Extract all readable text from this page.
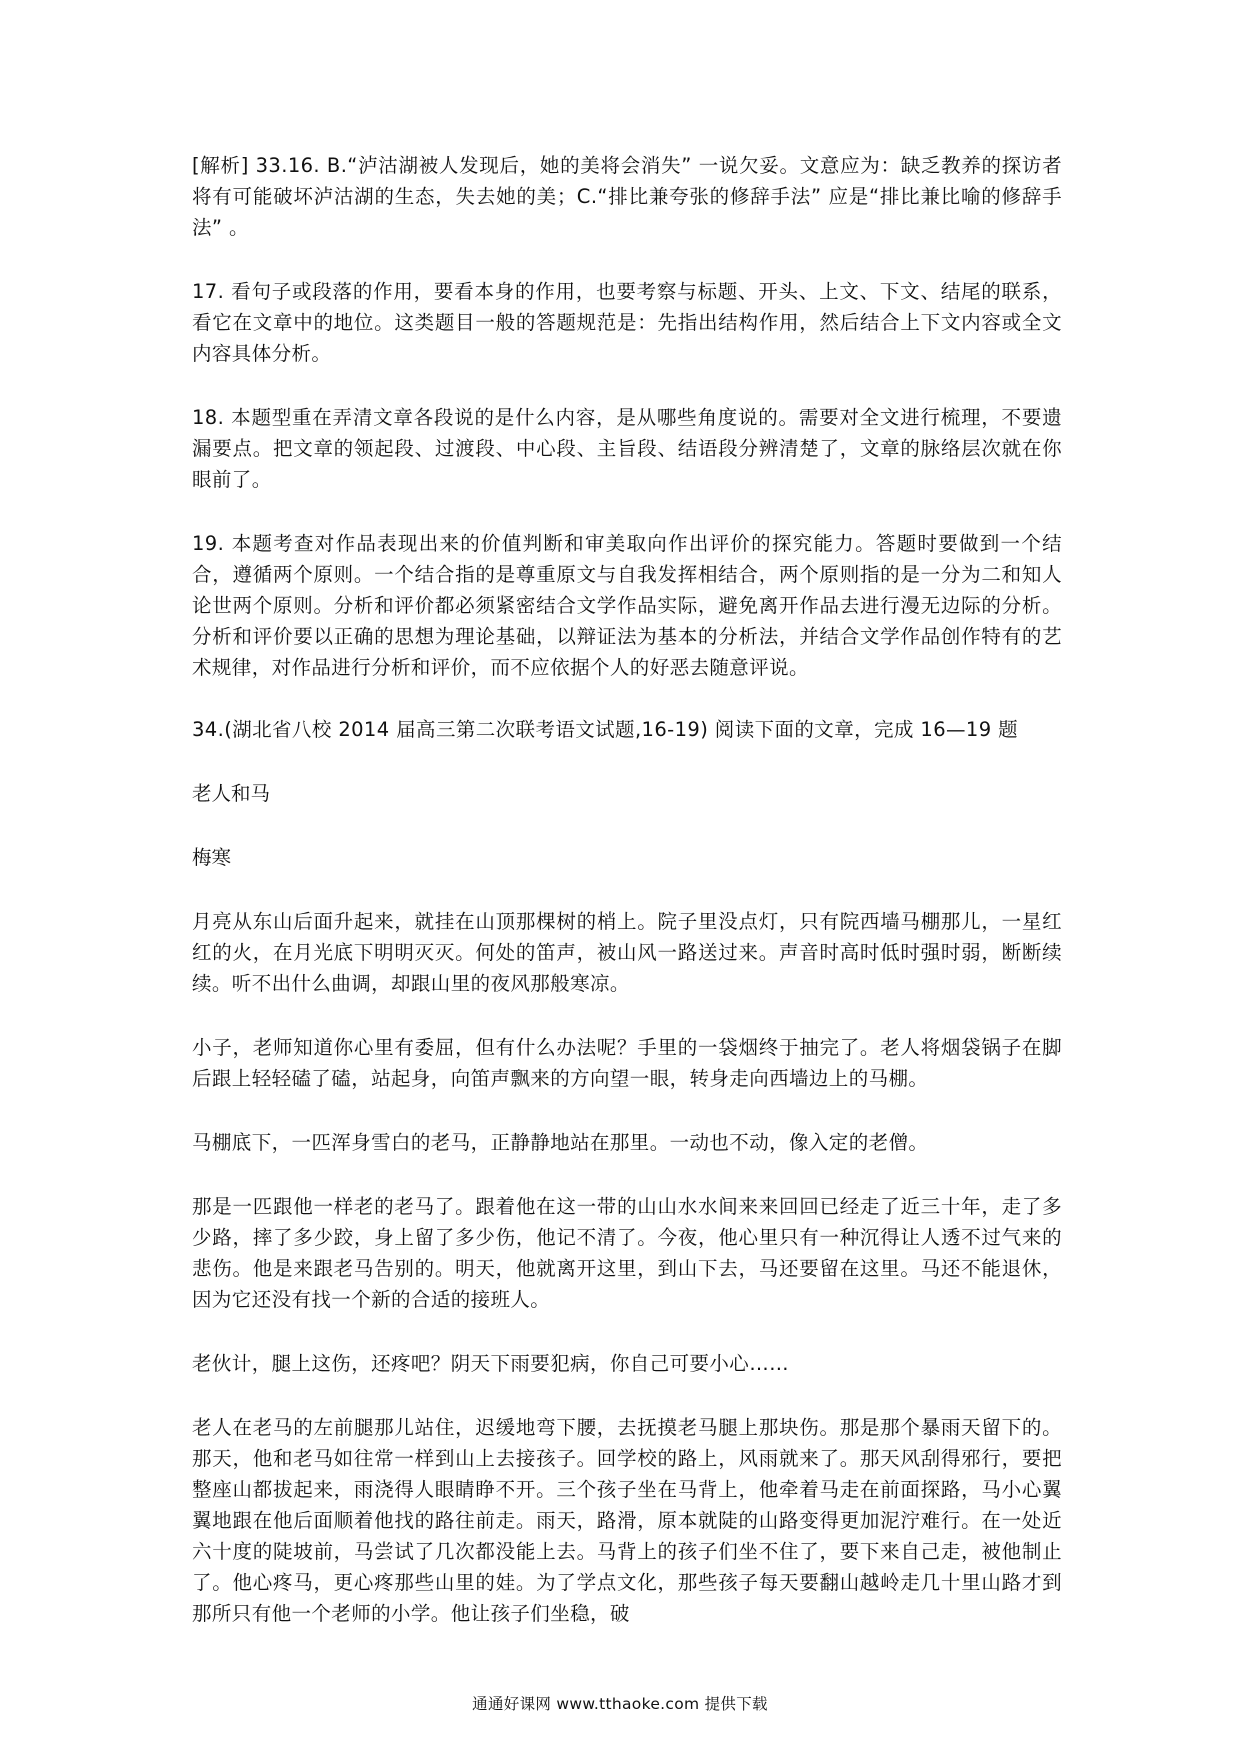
[解析] 33.16. B.“泸沽湖被人发现后，她的美将会消失” 一说欠妥。文意应为：缺乏教养的探访者将有可能破坏泸沽湖的生态，失去她的美；C.“排比兼夸张的修辞手法” 应是“排比兼比喻的修辞手法” 。

17. 看句子或段落的作用，要看本身的作用，也要考察与标题、开头、上文、下文、结尾的联系，看它在文章中的地位。这类题目一般的答题规范是：先指出结构作用，然后结合上下文内容或全文内容具体分析。

18. 本题型重在弄清文章各段说的是什么内容，是从哪些角度说的。需要对全文进行梳理，不要遗漏要点。把文章的领起段、过渡段、中心段、主旨段、结语段分辨清楚了，文章的脉络层次就在你眼前了。

19. 本题考查对作品表现出来的价值判断和审美取向作出评价的探究能力。答题时要做到一个结合，遵循两个原则。一个结合指的是尊重原文与自我发挥相结合，两个原则指的是一分为二和知人论世两个原则。分析和评价都必须紧密结合文学作品实际，避免离开作品去进行漫无边际的分析。分析和评价要以正确的思想为理论基础，以辩证法为基本的分析法，并结合文学作品创作特有的艺术规律，对作品进行分析和评价，而不应依据个人的好恶去随意评说。

34.(湖北省八校 2014 届高三第二次联考语文试题,16-19) 阅读下面的文章，完成 16—19 题

老人和马

梅寒

月亮从东山后面升起来，就挂在山顶那棵树的梢上。院子里没点灯，只有院西墙马棚那儿，一星红红的火，在月光底下明明灭灭。何处的笛声，被山风一路送过来。声音时高时低时强时弱，断断续续。听不出什么曲调，却跟山里的夜风那般寒凉。

小子，老师知道你心里有委屈，但有什么办法呢？手里的一袋烟终于抽完了。老人将烟袋锅子在脚后跟上轻轻磕了磕，站起身，向笛声飘来的方向望一眼，转身走向西墙边上的马棚。

马棚底下，一匹浑身雪白的老马，正静静地站在那里。一动也不动，像入定的老僧。

那是一匹跟他一样老的老马了。跟着他在这一带的山山水水间来来回回已经走了近三十年，走了多少路，摔了多少跤，身上留了多少伤，他记不清了。今夜，他心里只有一种沉得让人透不过气来的悲伤。他是来跟老马告别的。明天，他就离开这里，到山下去，马还要留在这里。马还不能退休，因为它还没有找一个新的合适的接班人。

老伙计，腿上这伤，还疼吧？阴天下雨要犯病，你自己可要小心……

老人在老马的左前腿那儿站住，迟缓地弯下腰，去抚摸老马腿上那块伤。那是那个暴雨天留下的。那天，他和老马如往常一样到山上去接孩子。回学校的路上，风雨就来了。那天风刮得邪行，要把整座山都拔起来，雨浇得人眼睛睁不开。三个孩子坐在马背上，他牵着马走在前面探路，马小心翼翼地跟在他后面顺着他找的路往前走。雨天，路滑，原本就陡的山路变得更加泥泞难行。在一处近六十度的陡坡前，马尝试了几次都没能上去。马背上的孩子们坐不住了，要下来自己走，被他制止了。他心疼马，更心疼那些山里的娃。为了学点文化，那些孩子每天要翻山越岭走几十里山路才到那所只有他一个老师的小学。他让孩子们坐稳，破

通通好课网 www.tthaoke.com 提供下载
